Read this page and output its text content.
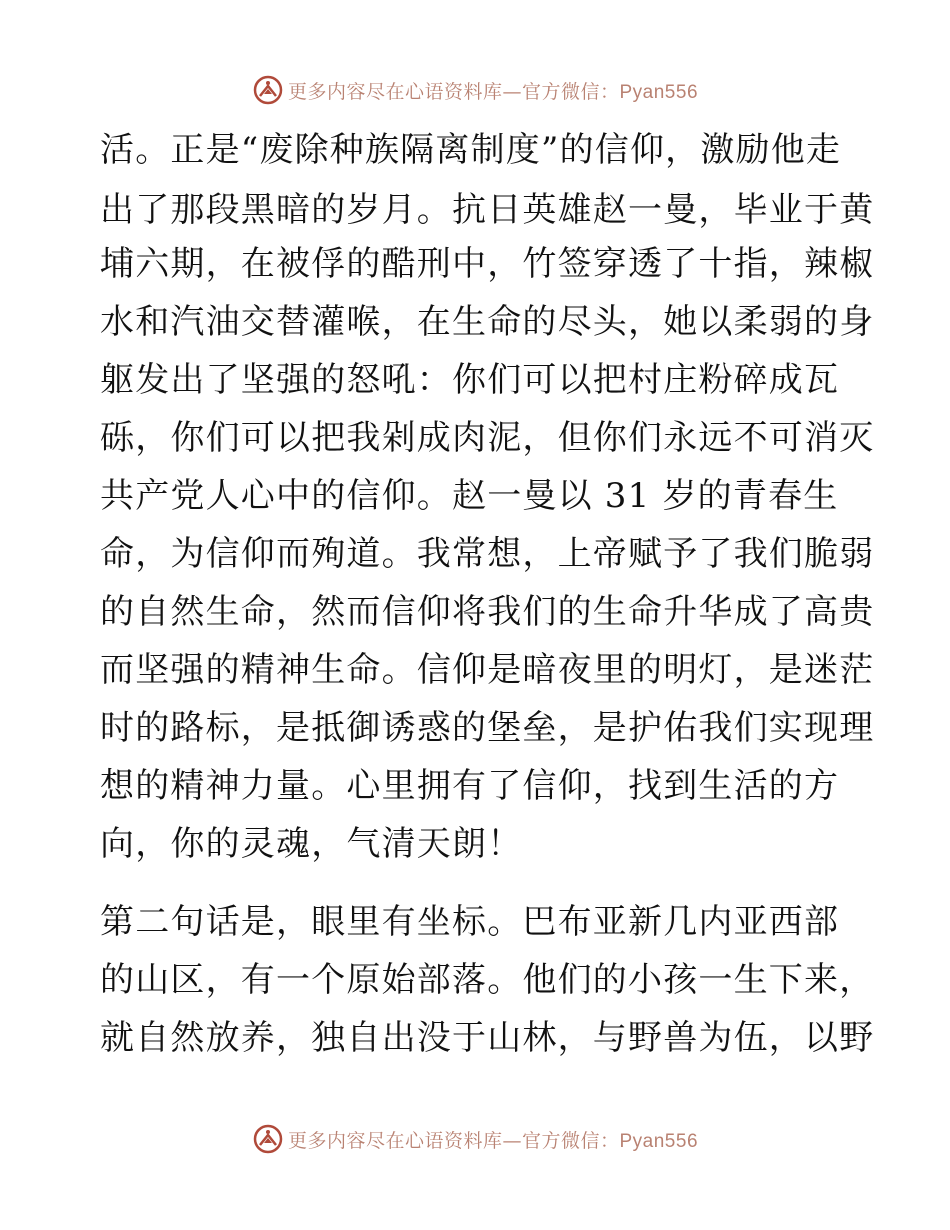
更多内容尽在心语资料库—官方微信：Pyan556
活。正是“废除种族隔离制度”的信仰，激励他走
出了那段黑暗的岁月。抗日英雄赵一曼，毕业于黄
埔六期，在被俘的酷刑中，竹签穿透了十指，辣椒
水和汽油交替灌喉，在生命的尽头，她以柔弱的身
躯发出了坚强的怒吼：你们可以把村庄粉碎成瓦
砾，你们可以把我剁成肉泥，但你们永远不可消灭
共产党人心中的信仰。赵一曼以 31 岁的青春生
命，为信仰而殉道。我常想，上帝赋予了我们脆弱
的自然生命，然而信仰将我们的生命升华成了高贵
而坚强的精神生命。信仰是暗夜里的明灯，是迷茫
时的路标，是抵御诱惑的堡垒，是护佑我们实现理
想的精神力量。心里拥有了信仰，找到生活的方
向，你的灵魂，气清天朗！
第二句话是，眼里有坐标。巴布亚新几内亚西部
的山区，有一个原始部落。他们的小孩一生下来，
就自然放养，独自出没于山林，与野兽为伍，以野
更多内容尽在心语资料库—官方微信：Pyan556
